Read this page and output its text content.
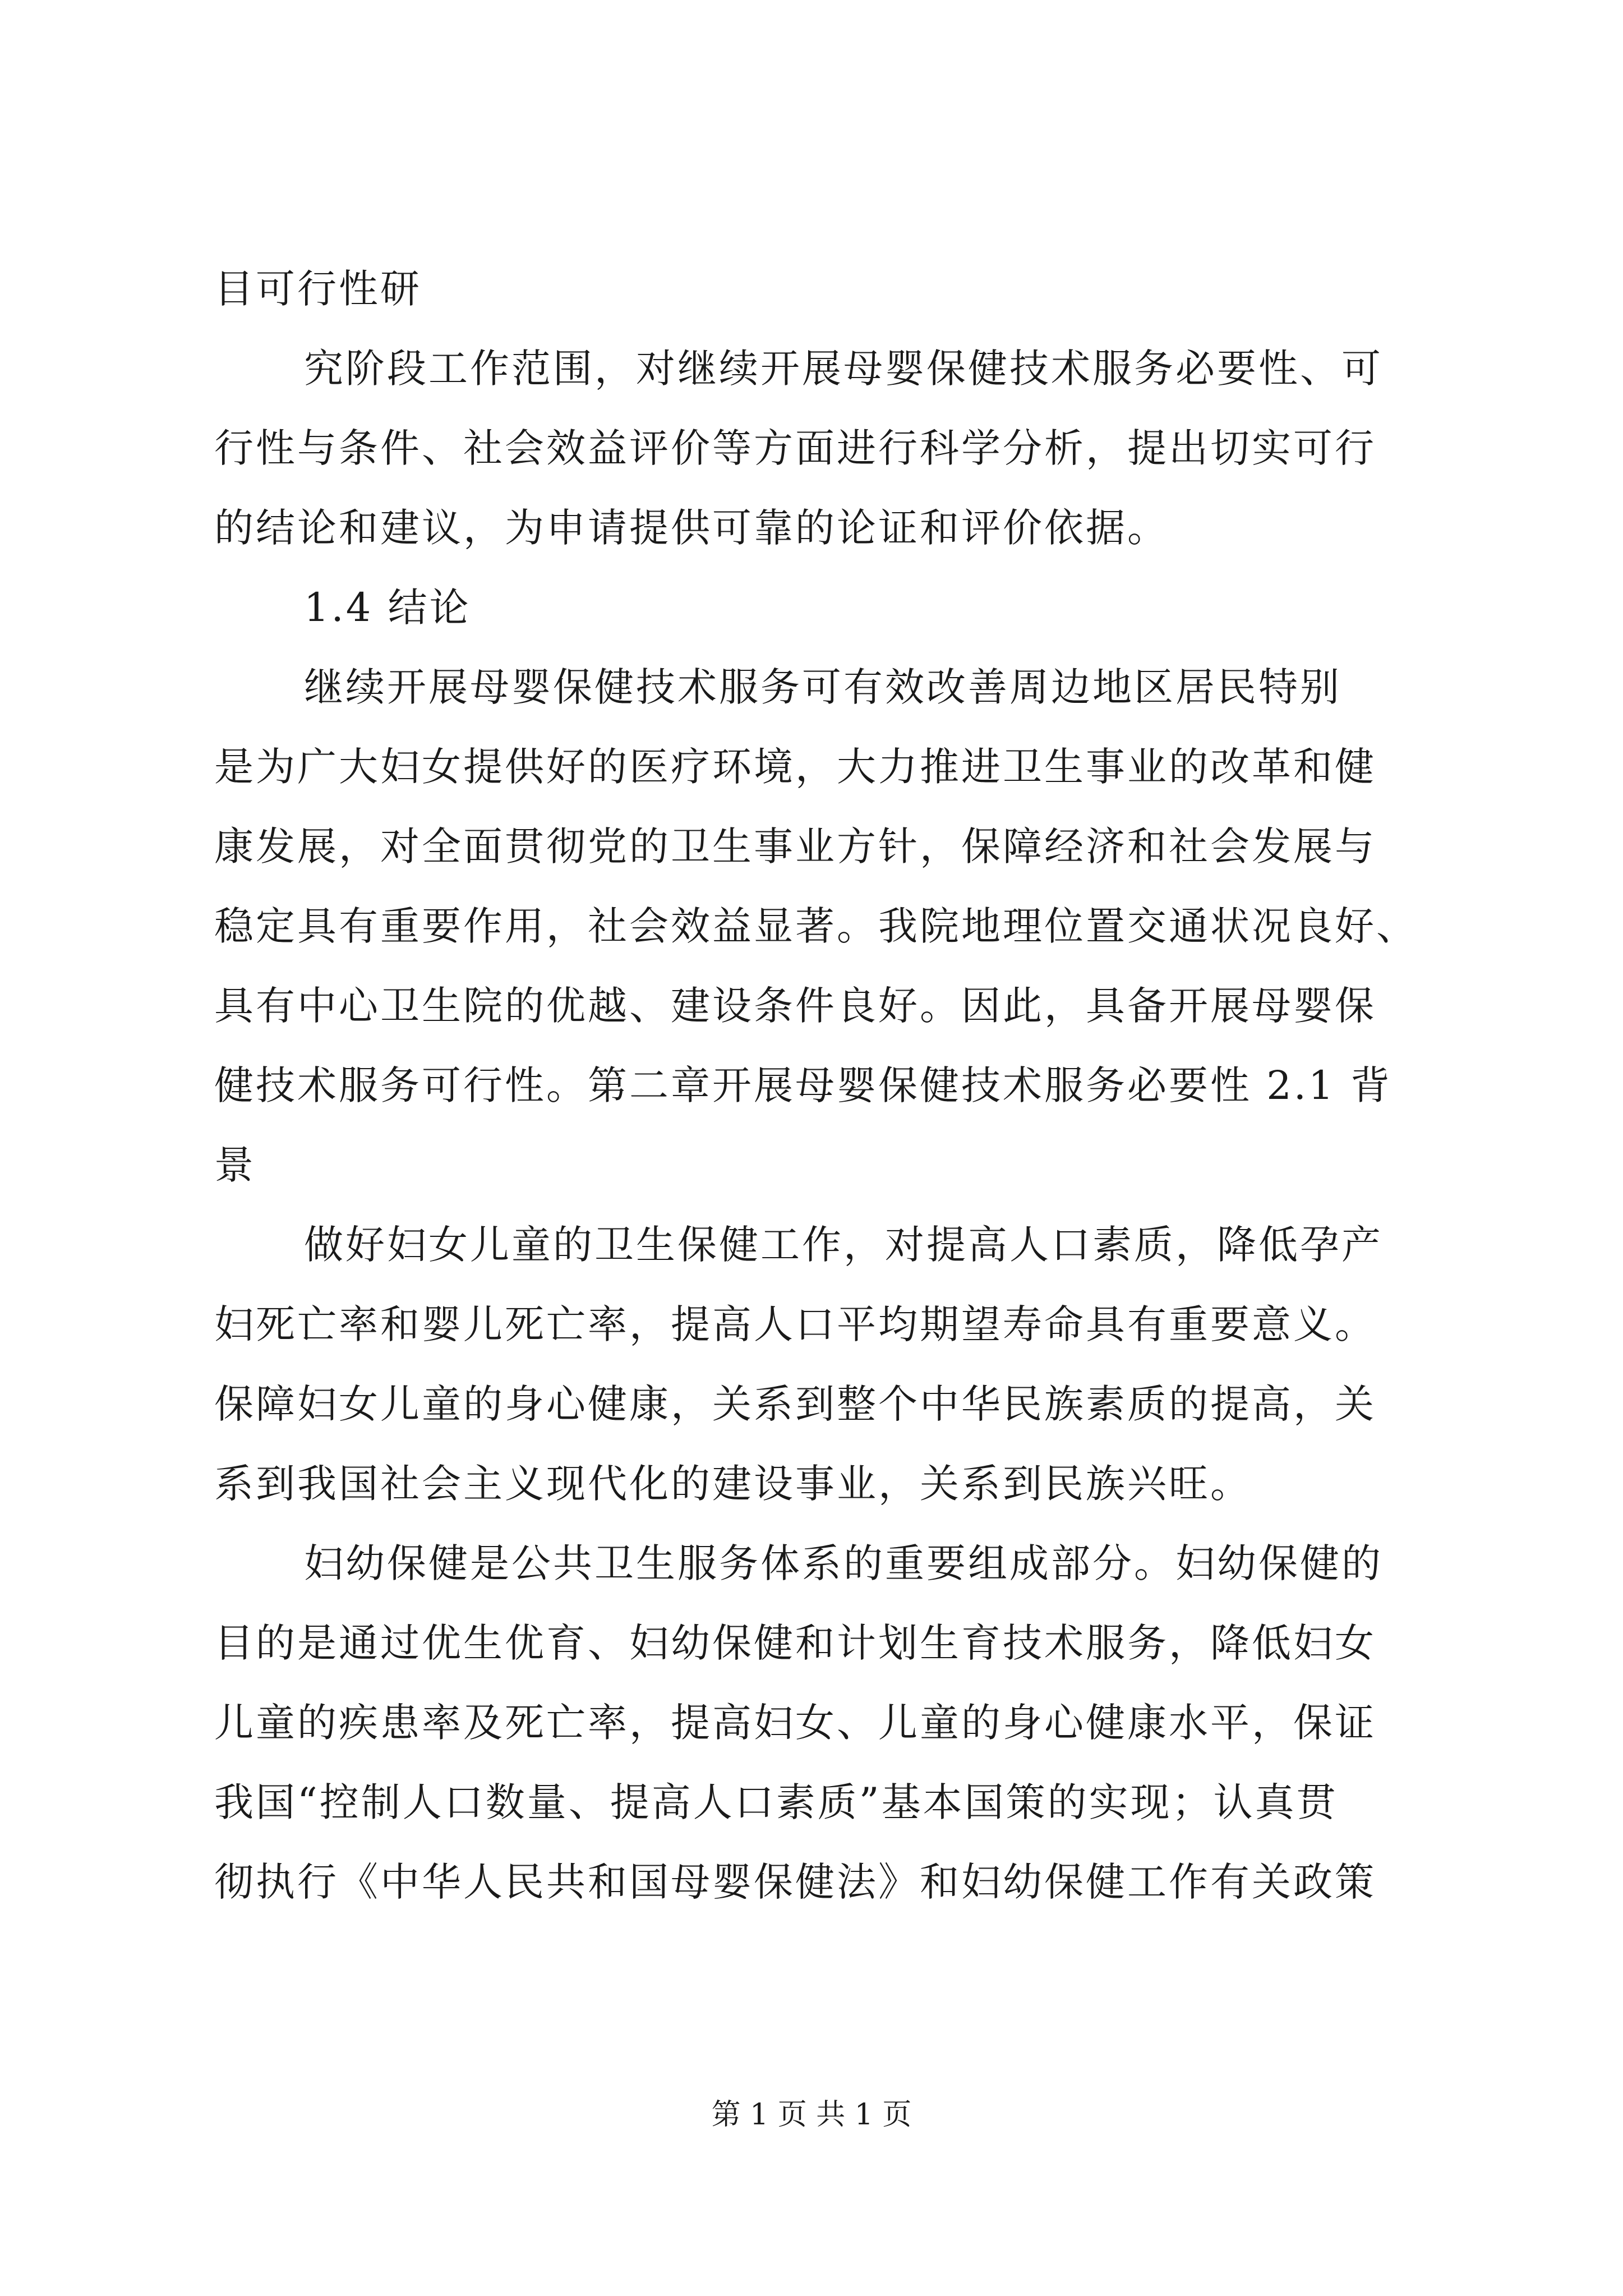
目可行性研
究阶段工作范围，对继续开展母婴保健技术服务必要性、可
行性与条件、社会效益评价等方面进行科学分析，提出切实可行
的结论和建议，为申请提供可靠的论证和评价依据。
1.4 结论
继续开展母婴保健技术服务可有效改善周边地区居民特别
是为广大妇女提供好的医疗环境，大力推进卫生事业的改革和健
康发展，对全面贯彻党的卫生事业方针，保障经济和社会发展与
稳定具有重要作用，社会效益显著。我院地理位置交通状况良好、
具有中心卫生院的优越、建设条件良好。因此，具备开展母婴保
健技术服务可行性。第二章开展母婴保健技术服务必要性 2.1 背
景
做好妇女儿童的卫生保健工作，对提高人口素质，降低孕产
妇死亡率和婴儿死亡率，提高人口平均期望寿命具有重要意义。
保障妇女儿童的身心健康，关系到整个中华民族素质的提高，关
系到我国社会主义现代化的建设事业，关系到民族兴旺。
妇幼保健是公共卫生服务体系的重要组成部分。妇幼保健的
目的是通过优生优育、妇幼保健和计划生育技术服务，降低妇女
儿童的疾患率及死亡率，提高妇女、儿童的身心健康水平，保证
我国“控制人口数量、提高人口素质”基本国策的实现；认真贯
彻执行《中华人民共和国母婴保健法》和妇幼保健工作有关政策
第 1 页 共 1 页
